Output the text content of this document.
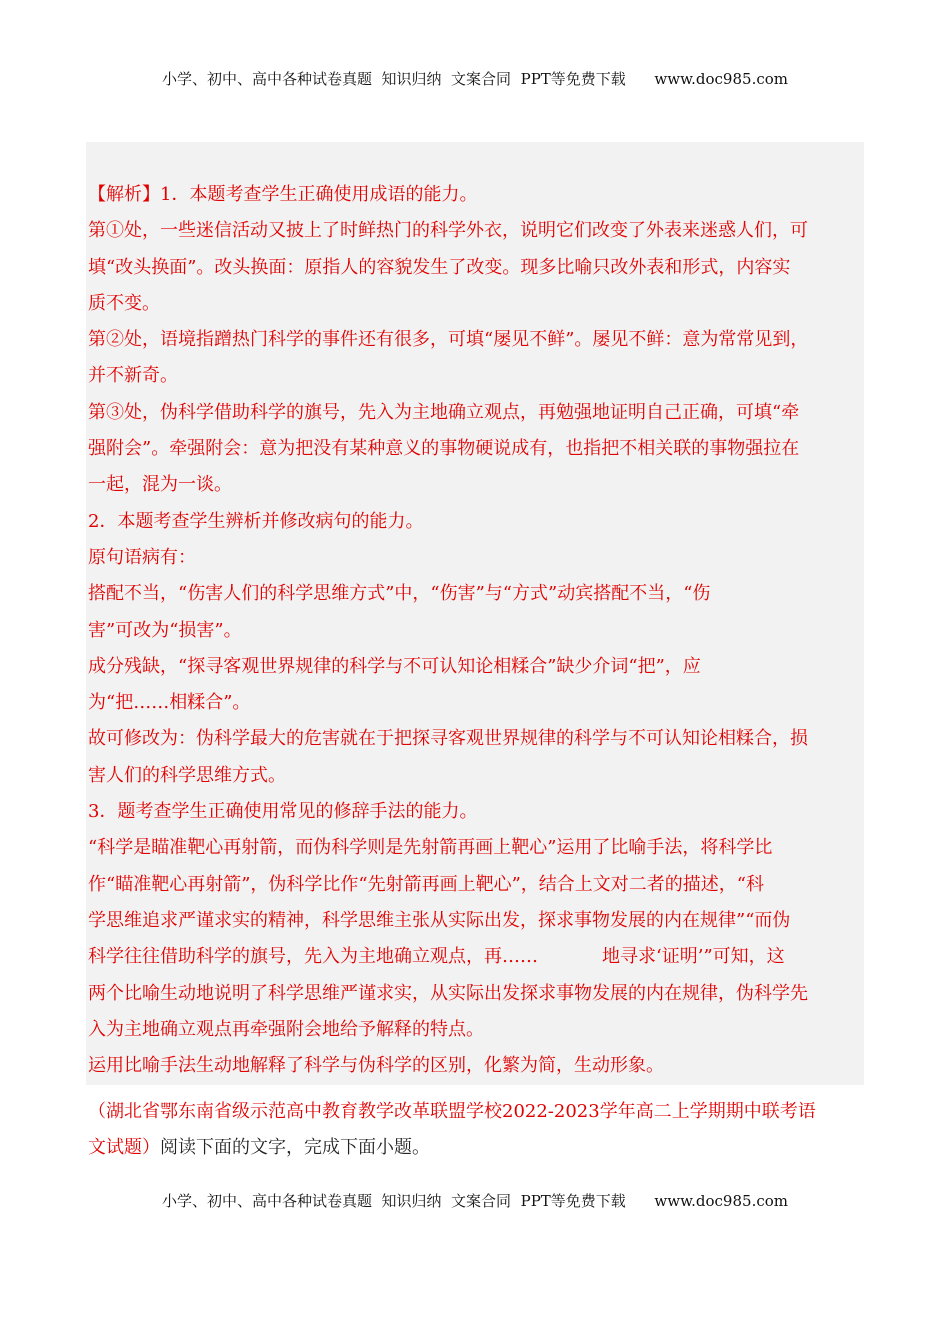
小学、初中、高中各种试卷真题  知识归纳  文案合同  PPT等免费下载      www.doc985.com
【解析】1．本题考查学生正确使用成语的能力。
第①处，一些迷信活动又披上了时鲜热门的科学外衣，说明它们改变了外表来迷惑人们，可
填“改头换面”。改头换面：原指人的容貌发生了改变。现多比喻只改外表和形式，内容实
质不变。
第②处，语境指蹭热门科学的事件还有很多，可填“屡见不鲜”。屡见不鲜：意为常常见到，
并不新奇。
第③处，伪科学借助科学的旗号，先入为主地确立观点，再勉强地证明自己正确，可填“牵
强附会”。牵强附会：意为把没有某种意义的事物硬说成有，也指把不相关联的事物强拉在
一起，混为一谈。
2．本题考查学生辨析并修改病句的能力。
原句语病有：
搭配不当，“伤害人们的科学思维方式”中，“伤害”与“方式”动宾搭配不当，“伤
害”可改为“损害”。
成分残缺，“探寻客观世界规律的科学与不可认知论相糅合”缺少介词“把”，应
为“把……相糅合”。
故可修改为：伪科学最大的危害就在于把探寻客观世界规律的科学与不可认知论相糅合，损
害人们的科学思维方式。
3．题考查学生正确使用常见的修辞手法的能力。
“科学是瞄准靶心再射箭，而伪科学则是先射箭再画上靶心”运用了比喻手法，将科学比
作“瞄准靶心再射箭”，伪科学比作“先射箭再画上靶心”，结合上文对二者的描述，“科
学思维追求严谨求实的精神，科学思维主张从实际出发，探求事物发展的内在规律”“而伪
科学往往借助科学的旗号，先入为主地确立观点，再……	地寻求‘证明’”可知，这
两个比喻生动地说明了科学思维严谨求实，从实际出发探求事物发展的内在规律，伪科学先
入为主地确立观点再牵强附会地给予解释的特点。
运用比喻手法生动地解释了科学与伪科学的区别，化繁为简，生动形象。
（湖北省鄂东南省级示范高中教育教学改革联盟学校2022-2023学年高二上学期期中联考语
文试题）阅读下面的文字，完成下面小题。
小学、初中、高中各种试卷真题  知识归纳  文案合同  PPT等免费下载      www.doc985.com
